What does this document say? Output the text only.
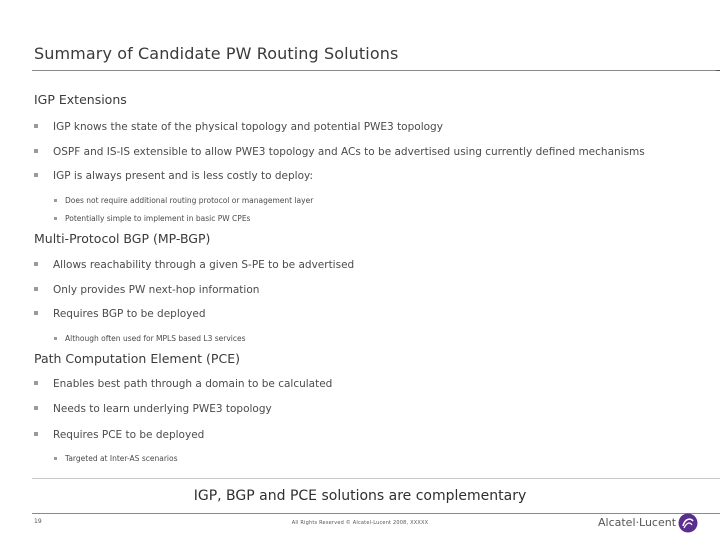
Summary of Candidate PW Routing Solutions
IGP Extensions
IGP knows the state of the physical topology and potential PWE3 topology
OSPF and IS-IS extensible to allow PWE3 topology and ACs to be advertised using currently defined mechanisms
IGP is always present and is less costly to deploy:
Does not require additional routing protocol or management layer
Potentially simple to implement in basic PW CPEs
Multi-Protocol BGP (MP-BGP)
Allows reachability through a given S-PE to be advertised
Only provides PW next-hop information
Requires BGP to be deployed
Although often used for MPLS based L3 services
Path Computation Element (PCE)
Enables best path through a domain to be calculated
Needs to learn underlying PWE3 topology
Requires PCE to be deployed
Targeted at Inter-AS scenarios
IGP, BGP and PCE solutions are complementary
19	All Rights Reserved © Alcatel-Lucent 2008, XXXXX	Alcatel·Lucent
